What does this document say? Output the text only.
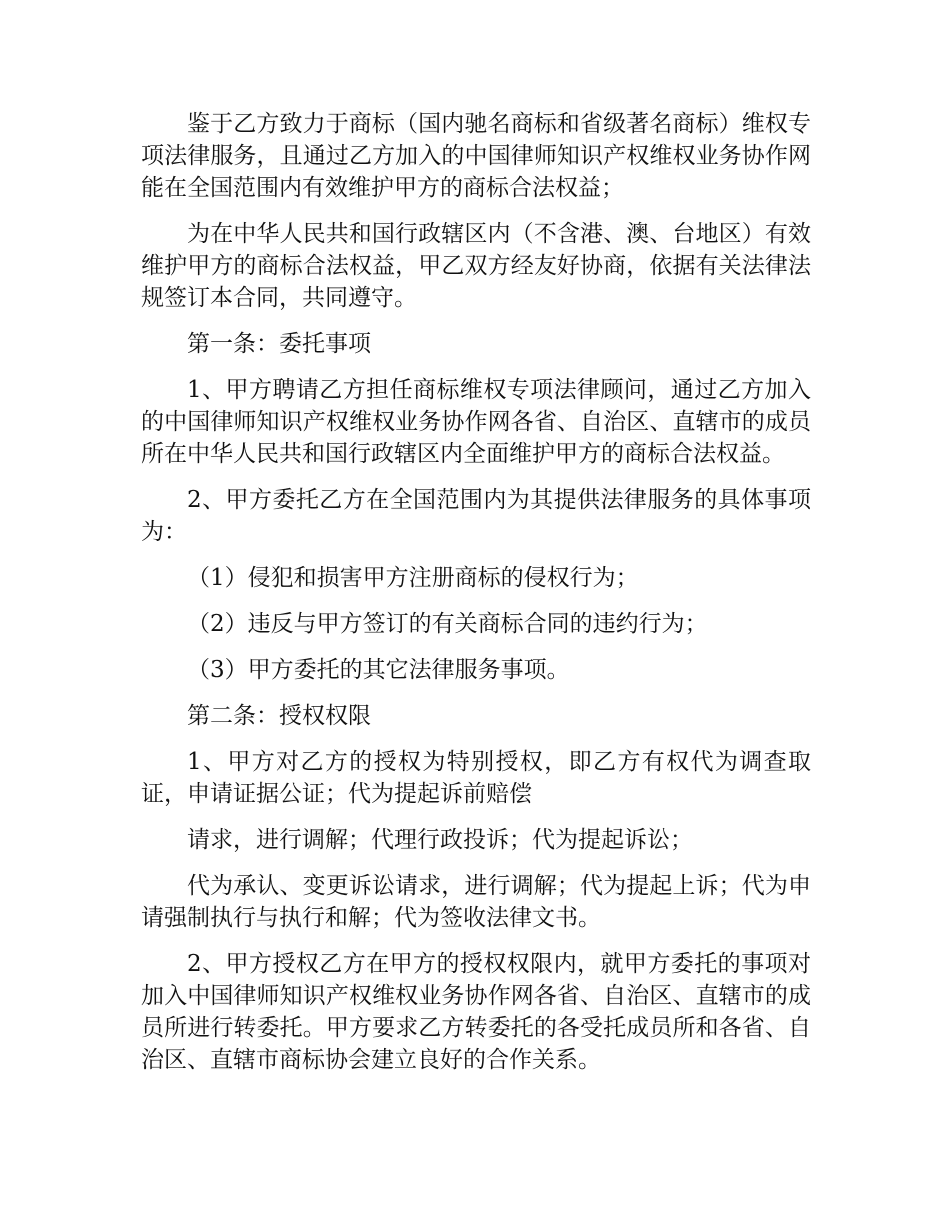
鉴于乙方致力于商标（国内驰名商标和省级著名商标）维权专项法律服务，且通过乙方加入的中国律师知识产权维权业务协作网能在全国范围内有效维护甲方的商标合法权益；

为在中华人民共和国行政辖区内（不含港、澳、台地区）有效维护甲方的商标合法权益，甲乙双方经友好协商，依据有关法律法规签订本合同，共同遵守。

第一条：委托事项

1、甲方聘请乙方担任商标维权专项法律顾问，通过乙方加入的中国律师知识产权维权业务协作网各省、自治区、直辖市的成员所在中华人民共和国行政辖区内全面维护甲方的商标合法权益。

2、甲方委托乙方在全国范围内为其提供法律服务的具体事项为：

（1）侵犯和损害甲方注册商标的侵权行为；

（2）违反与甲方签订的有关商标合同的违约行为；

（3）甲方委托的其它法律服务事项。

第二条：授权权限

1、甲方对乙方的授权为特别授权，即乙方有权代为调查取证，申请证据公证；代为提起诉前赔偿

请求，进行调解；代理行政投诉；代为提起诉讼；

代为承认、变更诉讼请求，进行调解；代为提起上诉；代为申请强制执行与执行和解；代为签收法律文书。

2、甲方授权乙方在甲方的授权权限内，就甲方委托的事项对加入中国律师知识产权维权业务协作网各省、自治区、直辖市的成员所进行转委托。甲方要求乙方转委托的各受托成员所和各省、自治区、直辖市商标协会建立良好的合作关系。
